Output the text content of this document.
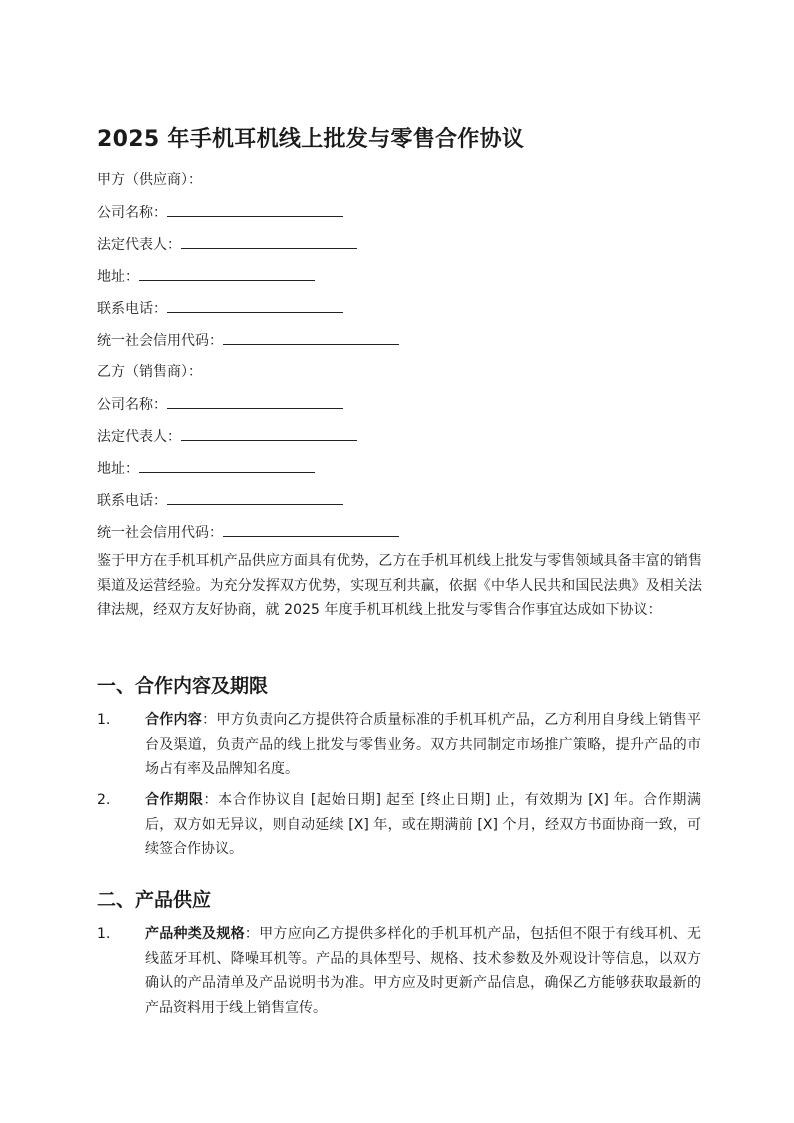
2025 年手机耳机线上批发与零售合作协议
甲方（供应商）：
公司名称：
法定代表人：
地址：
联系电话：
统一社会信用代码：
乙方（销售商）：
公司名称：
法定代表人：
地址：
联系电话：
统一社会信用代码：
鉴于甲方在手机耳机产品供应方面具有优势，乙方在手机耳机线上批发与零售领域具备丰富的销售渠道及运营经验。为充分发挥双方优势，实现互利共赢，依据《中华人民共和国民法典》及相关法律法规，经双方友好协商，就 2025 年度手机耳机线上批发与零售合作事宜达成如下协议：
一、合作内容及期限
1. 合作内容：甲方负责向乙方提供符合质量标准的手机耳机产品，乙方利用自身线上销售平台及渠道，负责产品的线上批发与零售业务。双方共同制定市场推广策略，提升产品的市场占有率及品牌知名度。
2. 合作期限：本合作协议自 [起始日期] 起至 [终止日期] 止，有效期为 [X] 年。合作期满后，双方如无异议，则自动延续 [X] 年，或在期满前 [X] 个月，经双方书面协商一致，可续签合作协议。
二、产品供应
1. 产品种类及规格：甲方应向乙方提供多样化的手机耳机产品，包括但不限于有线耳机、无线蓝牙耳机、降噪耳机等。产品的具体型号、规格、技术参数及外观设计等信息，以双方确认的产品清单及产品说明书为准。甲方应及时更新产品信息，确保乙方能够获取最新的产品资料用于线上销售宣传。
